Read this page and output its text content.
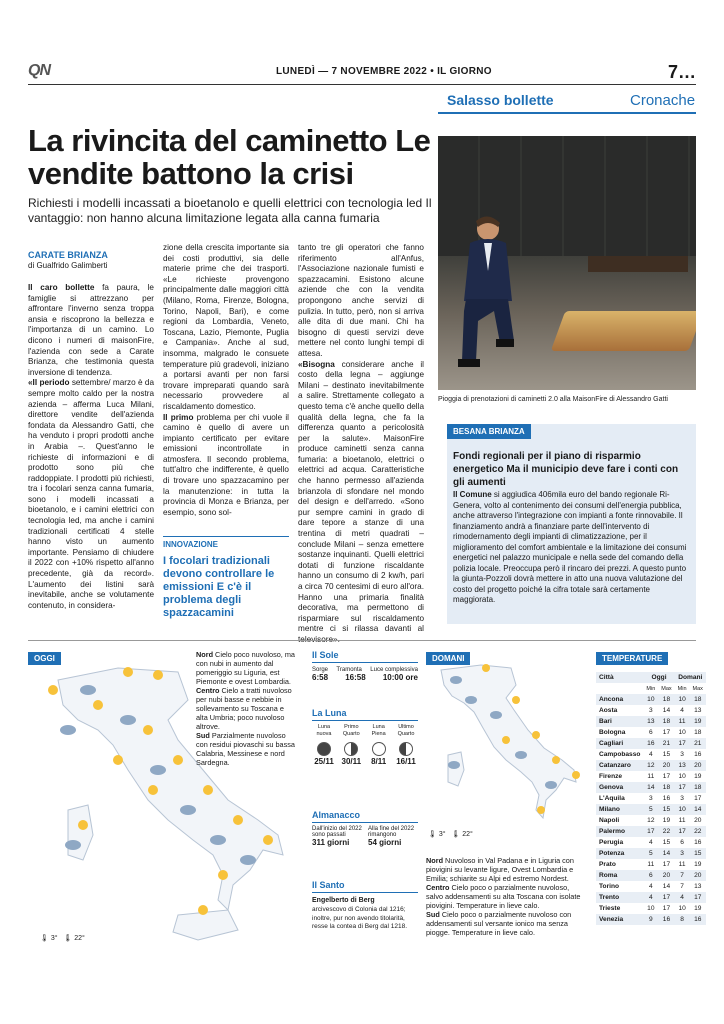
QN	LUNEDÌ — 7 NOVEMBRE 2022 • IL GIORNO	7…
Salasso bollette	Cronache
La rivincita del caminetto Le vendite battono la crisi
Richiesti i modelli incassati a bioetanolo e quelli elettrici con tecnologia led Il vantaggio: non hanno alcuna limitazione legata alla canna fumaria
Pioggia di prenotazioni di caminetti 2.0 alla MaisonFire di Alessandro Gatti
CARATE BRIANZA
di Gualfrido Galimberti
Il caro bollette fa paura, le famiglie si attrezzano per affrontare l'inverno senza troppa ansia e riscoprono la bellezza e l'importanza di un camino. Lo dicono i numeri di maisonFire, l'azienda con sede a Carate Brianza, che testimonia questa inversione di tendenza.
«Il periodo settembre/ marzo è da sempre molto caldo per la nostra azienda – afferma Luca Milani, direttore vendite dell'azienda fondata da Alessandro Gatti, che ha venduto i propri prodotti anche in Arabia –. Quest'anno le richieste di informazioni e di prodotto sono più che raddoppiate. I prodotti più richiesti, tra i focolari senza canna fumaria, sono i modelli incassati a bioetanolo, e i camini elettrici con tecnologia led, ma anche i camini tradizionali certificati 4 stelle hanno visto un aumento importante. Pensiamo di chiudere il 2022 con +10% rispetto all'anno precedente, già da record». L'aumento dei listini sarà inevitabile, anche se volutamente contenuto, in considera-
zione della crescita importante sia dei costi produttivi, sia delle materie prime che dei trasporti. «Le richieste provengono principalmente dalle maggiori città (Milano, Roma, Firenze, Bologna, Torino, Napoli, Bari), e come regioni da Lombardia, Veneto, Toscana, Lazio, Piemonte, Puglia e Campania». Anche al sud, insomma, malgrado le consuete temperature più gradevoli, iniziano a portarsi avanti per non farsi trovare impreparati quando sarà necessario provvedere al riscaldamento domestico.
Il primo problema per chi vuole il camino è quello di avere un impianto certificato per evitare emissioni incontrollate in atmosfera. Il secondo problema, tutt'altro che indifferente, è quello di trovare uno spazzacamino per la manutenzione: in tutta la provincia di Monza e Brianza, per esempio, sono sol-
INNOVAZIONE
I focolari tradizionali devono controllare le emissioni E c'è il problema degli spazzacamini
tanto tre gli operatori che fanno riferimento all'Anfus, l'Associazione nazionale fumisti e spazzacamini. Esistono alcune aziende che con la vendita propongono anche servizi di pulizia. In tutto, però, non si arriva alle dita di due mani. Chi ha bisogno di questi servizi deve mettere nel conto lunghi tempi di attesa.
«Bisogna considerare anche il costo della legna – aggiunge Milani – destinato inevitabilmente a salire. Strettamente collegato a questo tema c'è anche quello della qualità della legna, che fa la differenza quanto a pericolosità per la salute». MaisonFire produce caminetti senza canna fumaria: a bioetanolo, elettrici o elettrici ad acqua. Caratteristiche che hanno permesso all'azienda brianzola di sfondare nel mondo del design e dell'arredo. «Sono pur sempre camini in grado di dare tepore a stanze di una trentina di metri quadrati – conclude Milani – senza emettere sostanze inquinanti. Quelli elettrici dotati di funzione riscaldante hanno un consumo di 2 kw/h, pari a circa 70 centesimi di euro all'ora. Hanno una primaria finalità decorativa, ma permettono di risparmiare sul riscaldamento mentre ci si rilassa davanti al
BESANA BRIANZA
Fondi regionali per il piano di risparmio energetico Ma il municipio deve fare i conti con gli aumenti
Il Comune si aggiudica 406mila euro del bando regionale Ri-Genera, volto al contenimento dei consumi dell'energia pubblica, anche attraverso l'integrazione con impianti a fonte rinnovabile. Il finanziamento andrà a finanziare parte dell'intervento di rimodernamento degli impianti di climatizzazione, per il miglioramento del comfort ambientale e la limitazione dei consumi energetici nel palazzo municipale e nella sede del comando della polizia locale. Preoccupa però il rincaro dei prezzi. A questo punto la giunta-Pozzoli dovrà mettere in atto una nuova valutazione del costo del progetto poiché la cifra totale sarà certamente maggiorata.
OGGI
🌡 3°   🌡 22°
Nord Cielo poco nuvoloso, ma con nubi in aumento dal pomeriggio su Liguria, est Piemonte e ovest Lombardia.
Centro Cielo a tratti nuvoloso per nubi basse e nebbie in sollevamento su Toscana e alta Umbria; poco nuvoloso altrove.
Sud Parzialmente nuvoloso con residui piovaschi su bassa Calabria, Messinese e nord Sardegna.
Il Sole
Sorge Tramonta Luce complessiva
6:58 16:58 10:00 ore
La Luna
Luna nuova
25/11
Primo Quarto
30/11
Luna Piena
8/11
Ultimo Quarto
16/11
Almanacco
Dall'inizio del 2022 sono passati
311 giorni
Alla fine del 2022 rimangono
54 giorni
Il Santo
Engelberto di Berg
arcivescovo di Colonia dal 1216; inoltre, pur non avendo titolarità, resse la contea di Berg dal 1218.
DOMANI
🌡 3°   🌡 22°
Nord Nuvoloso in Val Padana e in Liguria con piovigini su levante ligure, Ovest Lombardia e Emilia; schiarite su Alpi ed estremo Nordest.
Centro Cielo poco o parzialmente nuvoloso, salvo addensamenti su alta Toscana con isolate piovigini. Temperature in lieve calo.
Sud Cielo poco o parzialmente nuvoloso con addensamenti sul versante ionico ma senza piogge. Temperature in lieve calo.
TEMPERATURE
Città	Oggi		Domani	
	Min	Max	Min	Max
Ancona	10	18	10	18
Aosta	3	14	4	13
Bari	13	18	11	19
Bologna	6	17	10	18
Cagliari	16	21	17	21
Campobasso	4	15	3	16
Catanzaro	12	20	13	20
Firenze	11	17	10	19
Genova	14	18	17	18
L'Aquila	3	16	3	17
Milano	5	15	10	14
Napoli	12	19	11	20
Palermo	17	22	17	22
Perugia	4	15	6	16
Potenza	5	14	3	15
Prato	11	17	11	19
Roma	6	20	7	20
Torino	4	14	7	13
Trento	4	17	4	17
Trieste	10	17	10	19
Venezia	9	16	8	16
